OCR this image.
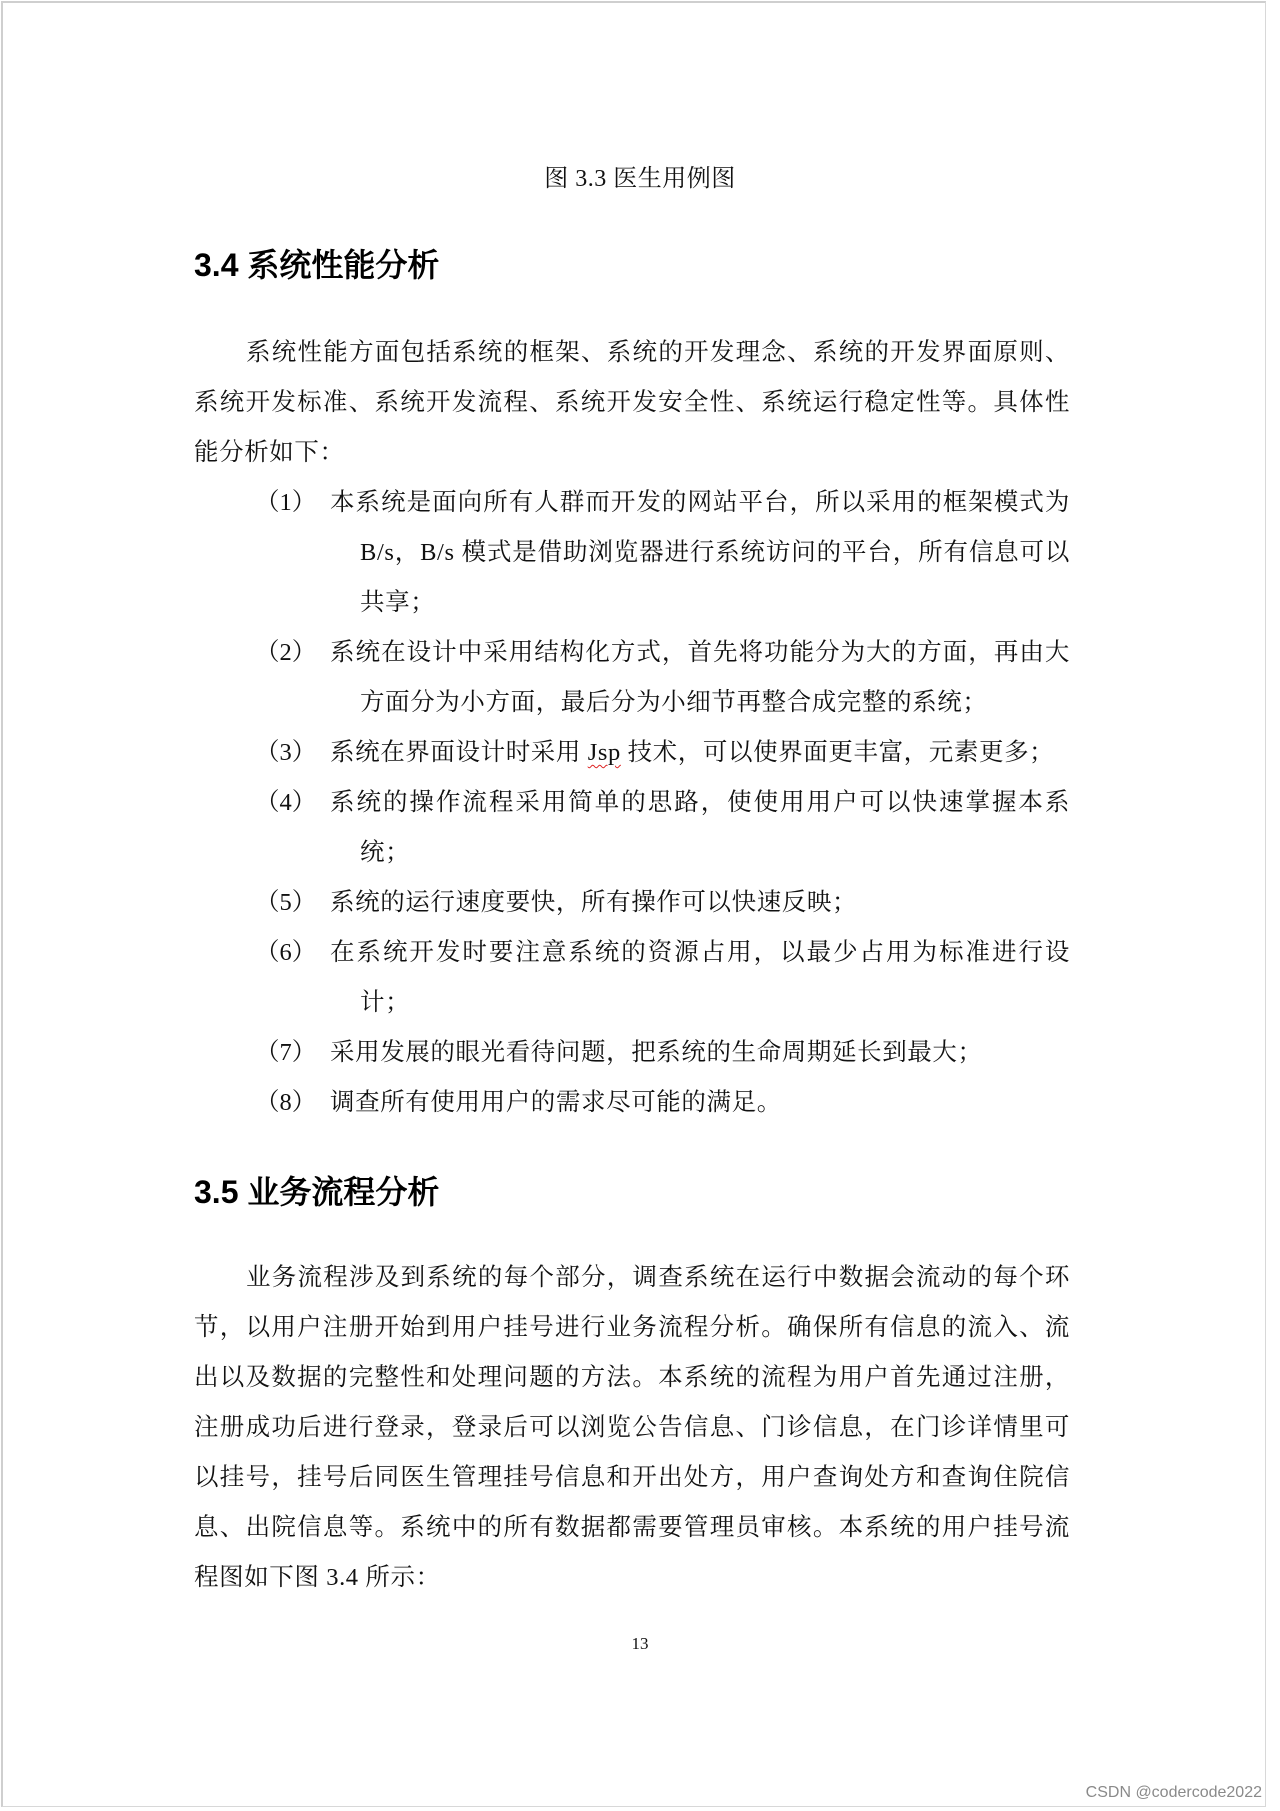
图 3.3 医生用例图
3.4 系统性能分析
系统性能方面包括系统的框架、系统的开发理念、系统的开发界面原则、
系统开发标准、系统开发流程、系统开发安全性、系统运行稳定性等。具体性
能分析如下：
（1） 本系统是面向所有人群而开发的网站平台，所以采用的框架模式为
B/s，B/s 模式是借助浏览器进行系统访问的平台，所有信息可以
共享；
（2） 系统在设计中采用结构化方式，首先将功能分为大的方面，再由大
方面分为小方面，最后分为小细节再整合成完整的系统；
（3） 系统在界面设计时采用 Jsp 技术，可以使界面更丰富，元素更多；
（4） 系统的操作流程采用简单的思路，使使用用户可以快速掌握本系
统；
（5） 系统的运行速度要快，所有操作可以快速反映；
（6） 在系统开发时要注意系统的资源占用，以最少占用为标准进行设
计；
（7） 采用发展的眼光看待问题，把系统的生命周期延长到最大；
（8） 调查所有使用用户的需求尽可能的满足。
3.5 业务流程分析
业务流程涉及到系统的每个部分，调查系统在运行中数据会流动的每个环
节，以用户注册开始到用户挂号进行业务流程分析。确保所有信息的流入、流
出以及数据的完整性和处理问题的方法。本系统的流程为用户首先通过注册，
注册成功后进行登录，登录后可以浏览公告信息、门诊信息，在门诊详情里可
以挂号，挂号后同医生管理挂号信息和开出处方，用户查询处方和查询住院信
息、出院信息等。系统中的所有数据都需要管理员审核。本系统的用户挂号流
程图如下图 3.4 所示：
13
CSDN @codercode2022
